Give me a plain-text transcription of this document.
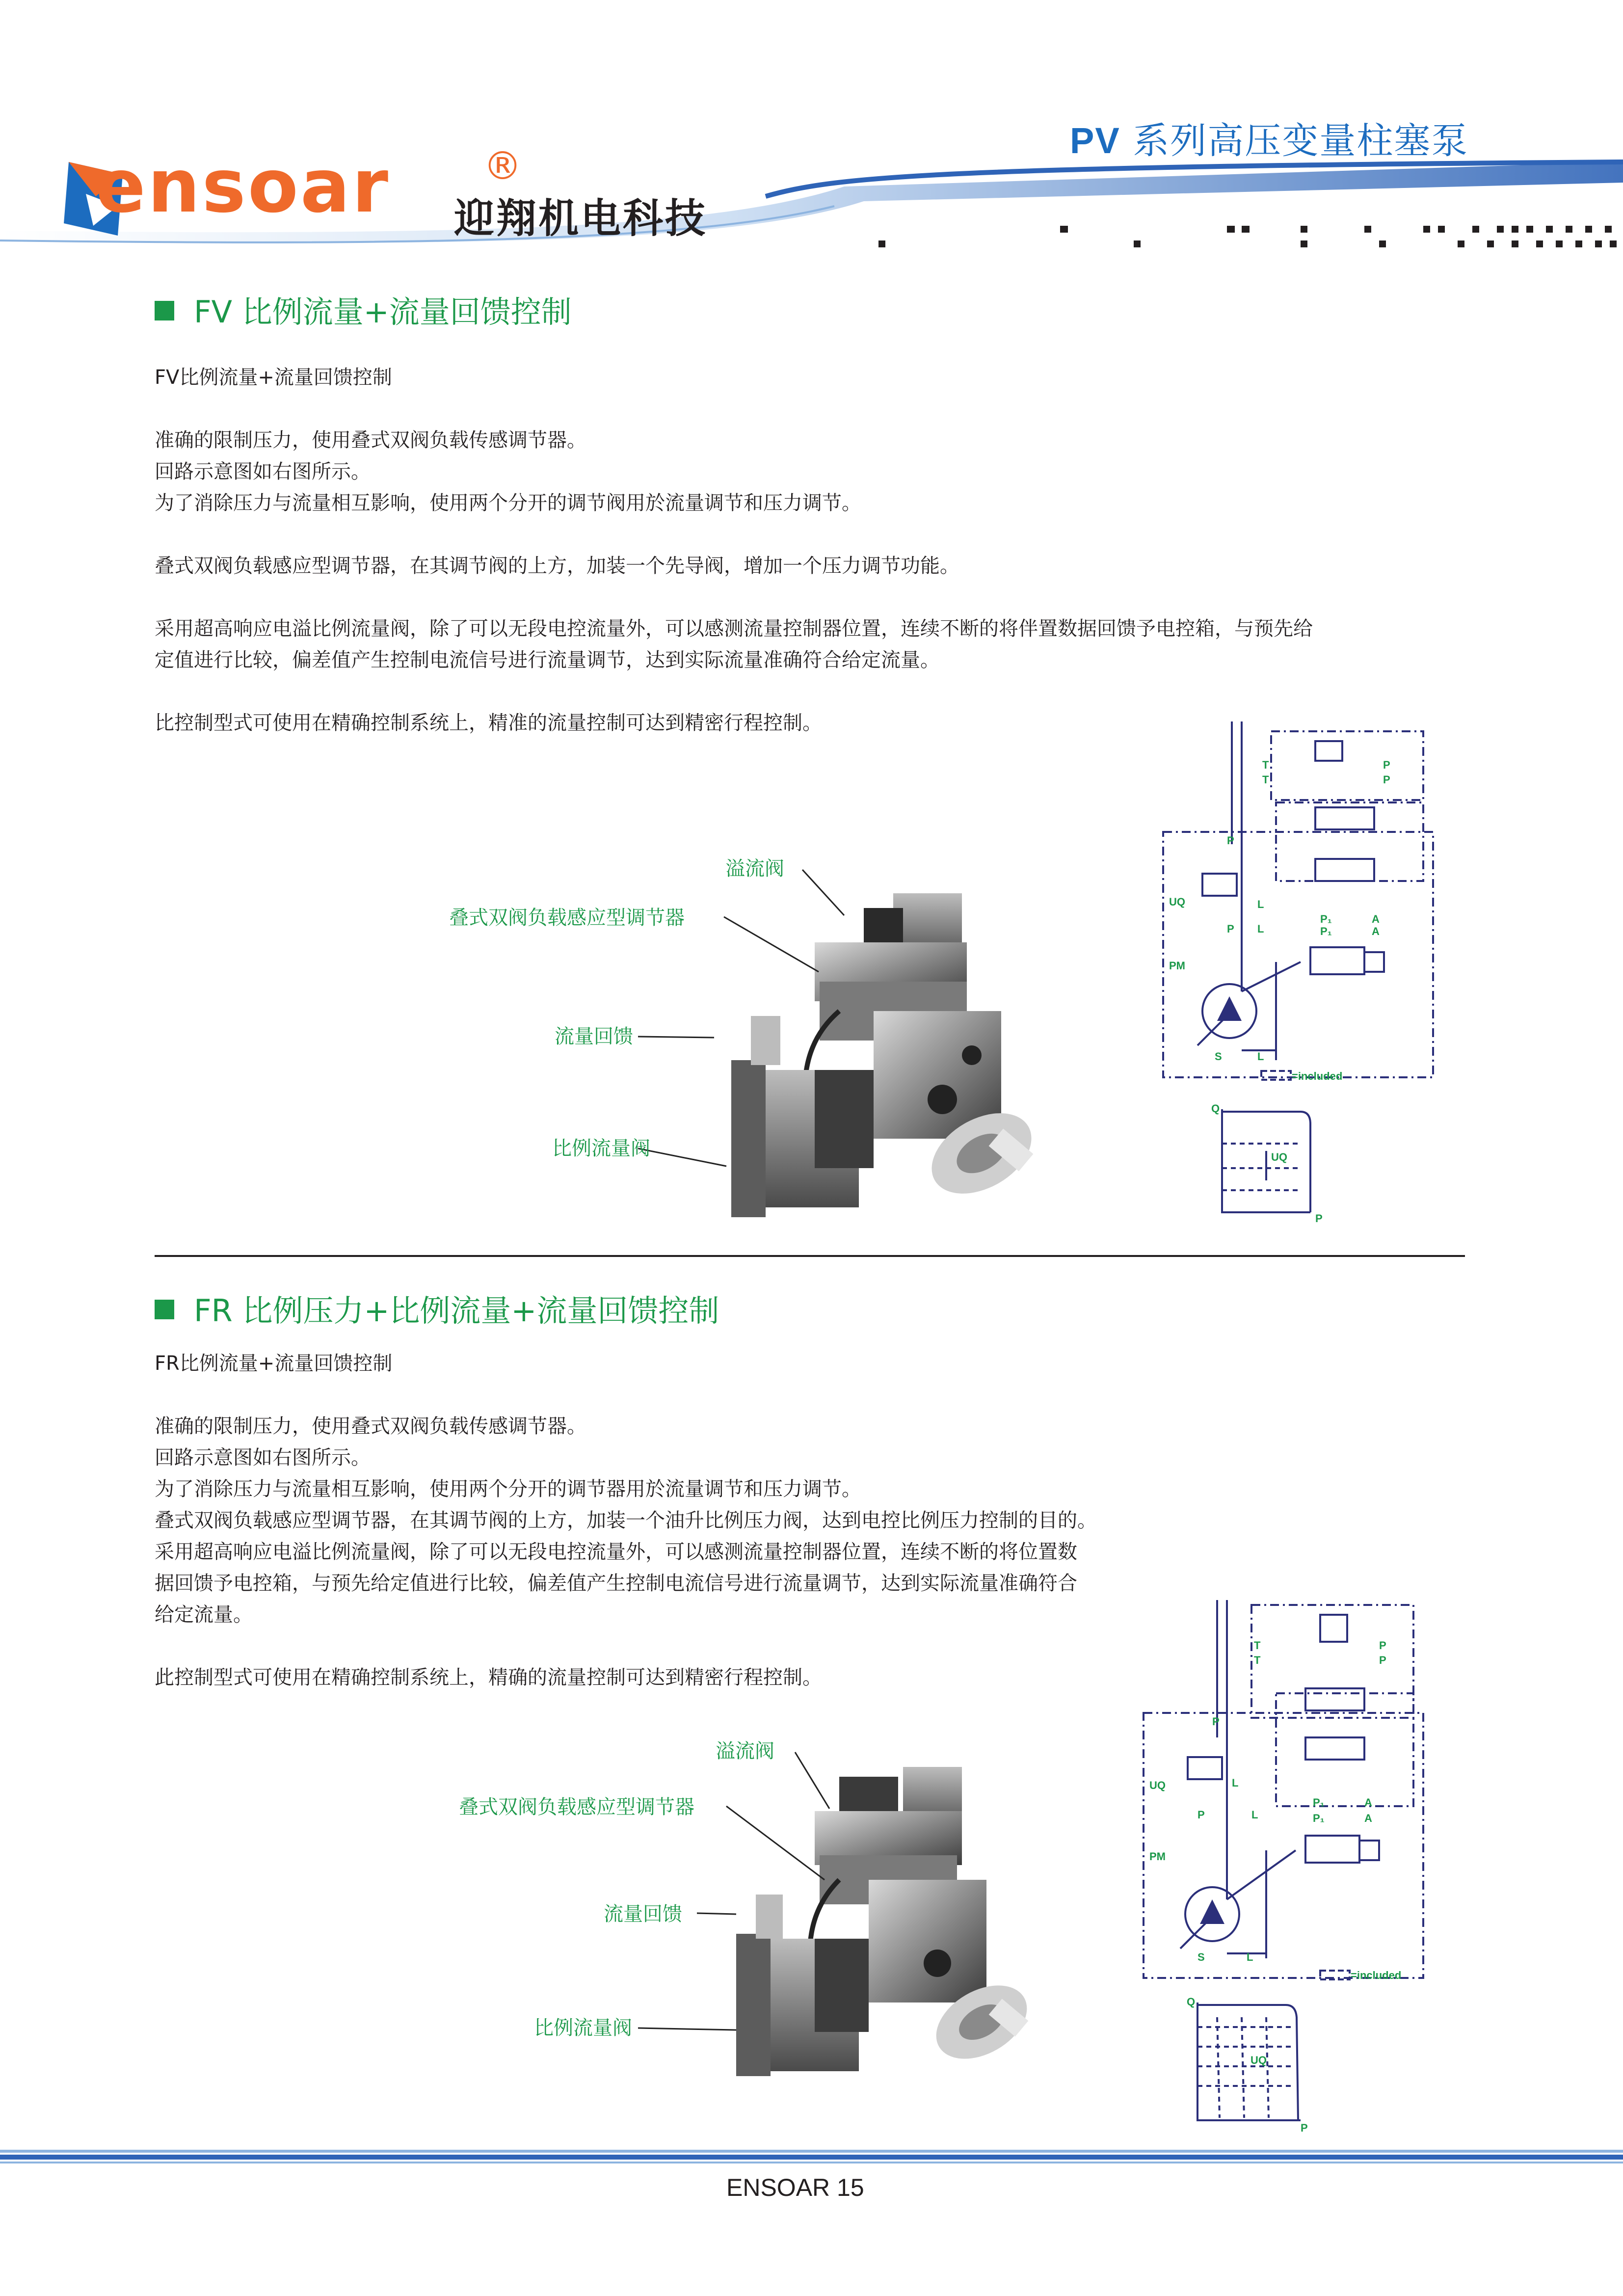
ensoar ®
迎翔机电科技
PV 系列高压变量柱塞泵
FV 比例流量+流量回馈控制

FV比例流量+流量回馈控制

准确的限制压力，使用叠式双阀负载传感调节器。

回路示意图如右图所示。

为了消除压力与流量相互影响，使用两个分开的调节阀用於流量调节和压力调节。

叠式双阀负载感应型调节器，在其调节阀的上方，加装一个先导阀，增加一个压力调节功能。

采用超高响应电溢比例流量阀，除了可以无段电控流量外，可以感测流量控制器位置，连续不断的将伴置数据回馈予电控箱，与预先给

定值进行比较，偏差值产生控制电流信号进行流量调节，达到实际流量准确符合给定流量。

比控制型式可使用在精确控制系统上，精准的流量控制可达到精密行程控制。

溢流阀
叠式双阀负载感应型调节器
流量回馈
比例流量阀
T
T
P
P
P
L
L
P
P₁
P₁
A
A
UQ
PM
S	L
=included
Q
UQ
P
FR 比例压力+比例流量+流量回馈控制

FR比例流量+流量回馈控制

准确的限制压力，使用叠式双阀负载传感调节器。

回路示意图如右图所示。

为了消除压力与流量相互影响，使用两个分开的调节器用於流量调节和压力调节。

叠式双阀负载感应型调节器，在其调节阀的上方，加装一个油升比例压力阀，达到电控比例压力控制的目的。

采用超高响应电溢比例流量阀，除了可以无段电控流量外，可以感测流量控制器位置，连续不断的将位置数

据回馈予电控箱，与预先给定值进行比较，偏差值产生控制电流信号进行流量调节，达到实际流量准确符合

给定流量。

此控制型式可使用在精确控制系统上，精确的流量控制可达到精密行程控制。

溢流阀
叠式双阀负载感应型调节器
流量回馈
比例流量阀
T
T
P
P
P
L
L
P
P₁
P₁
A
A
UQ
PM
S	L
=included
Q
UQ
P
ENSOAR 15
